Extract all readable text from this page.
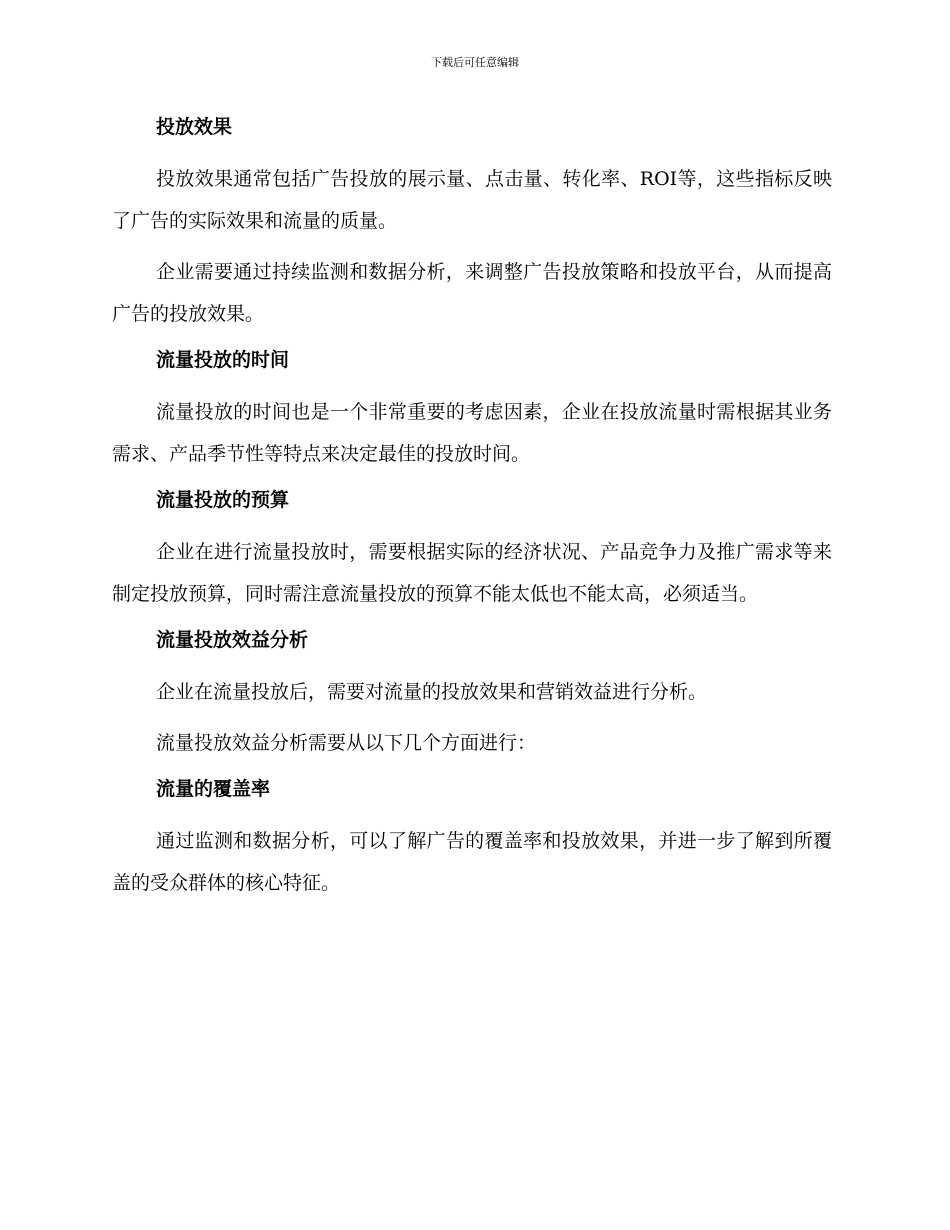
下载后可任意编辑
投放效果

投放效果通常包括广告投放的展示量、点击量、转化率、ROI等，这些指标反映了广告的实际效果和流量的质量。

企业需要通过持续监测和数据分析，来调整广告投放策略和投放平台，从而提高广告的投放效果。

流量投放的时间

流量投放的时间也是一个非常重要的考虑因素，企业在投放流量时需根据其业务需求、产品季节性等特点来决定最佳的投放时间。

流量投放的预算

企业在进行流量投放时，需要根据实际的经济状况、产品竞争力及推广需求等来制定投放预算，同时需注意流量投放的预算不能太低也不能太高，必须适当。

流量投放效益分析

企业在流量投放后，需要对流量的投放效果和营销效益进行分析。

流量投放效益分析需要从以下几个方面进行：

流量的覆盖率

通过监测和数据分析，可以了解广告的覆盖率和投放效果，并进一步了解到所覆盖的受众群体的核心特征。
